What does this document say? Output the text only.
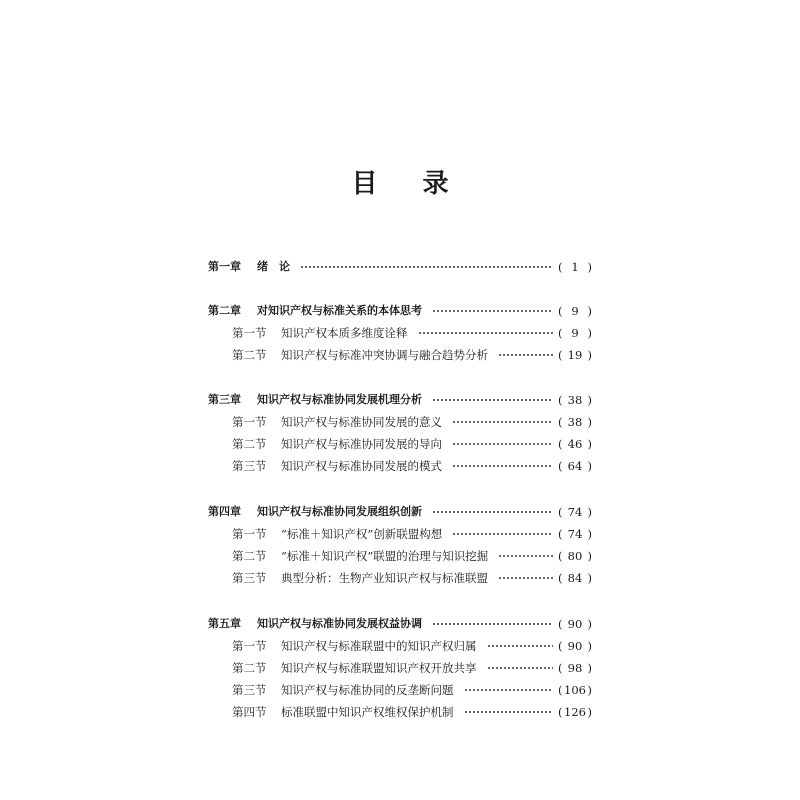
目 录
第一章 绪　论	( 1 )
第二章 对知识产权与标准关系的本体思考	( 9 )
第一节 知识产权本质多维度诠释	( 9 )
第二节 知识产权与标准冲突协调与融合趋势分析	( 19 )
第三章 知识产权与标准协同发展机理分析	( 38 )
第一节 知识产权与标准协同发展的意义	( 38 )
第二节 知识产权与标准协同发展的导向	( 46 )
第三节 知识产权与标准协同发展的模式	( 64 )
第四章 知识产权与标准协同发展组织创新	( 74 )
第一节 “标准＋知识产权”创新联盟构想	( 74 )
第二节 “标准＋知识产权”联盟的治理与知识挖掘	( 80 )
第三节 典型分析：生物产业知识产权与标准联盟	( 84 )
第五章 知识产权与标准协同发展权益协调	( 90 )
第一节 知识产权与标准联盟中的知识产权归属	( 90 )
第二节 知识产权与标准联盟知识产权开放共享	( 98 )
第三节 知识产权与标准协同的反垄断问题	( 106 )
第四节 标准联盟中知识产权维权保护机制	( 126 )
